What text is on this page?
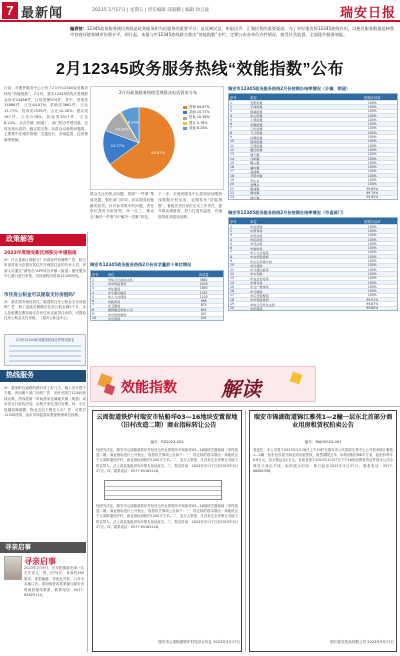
7 最新闻	2023年3月17日 | 星期五 | 责任编辑 邱嘉鹏 | 编辑 徐云波	瑞安日报
编者按：12345政务服务便民热线是政务服务和为民服务的重要平台，是反映民意、听取民声、汇聚民智的重要渠道。为了更好地发挥12345热线作用，以便民服务数据反映我市营商环境和城市治理水平，即日起，本报与市12345热线联合推出“效能指数”专栏，定期公布各单位办件情况，接受社会监督，全面提升服务效能。
2月12345政务服务热线“效能指数”公布
日前，市便民服务中心公布了2月份12345政务服务热线“效能指数”。2月份，我市12345热线共受理群众诉求24488件，日均受理874件。其中，咨询类15886件，占比64.87%；求助类3862件，占比15.77%；投诉类2536件，占比10.36%；建议类187件，占比0.76%；其他类2017件，占比8.24%。从各乡镇（街道）、部门的办件情况看，总体呈现出高效、稳定的态势。从群众反映的问题看，主要集中在城市管理、交通出行、市场监管、住房保障等领域。
2月份政务服务热线受理群众电话诉求分布
64.87%
15.77%
10.36%
8.24%
咨询 64.87%
求助 15.77%
投诉 10.36%
建议 0.76%
其他 8.24%
群众关注的热点问题，按照“一件事”集成处置，强化部门协同，切实提高问题解决质效。针对诉求集中的问题，责任单位及时分析研判，举一反三，推动从“解决一件事”向“解决一类事”转变。
下一步，市便民服务中心将持续加强热线数据分析运用，定期发布“效能指数”，督促各责任单位压实工作责任，提升群众满意度，努力打造有温度、有速度的政务服务品牌。
瑞安市12345政务服务热线2月份诉求量前十单位情况
序号	单位	诉求量
1	市综合行政执法局	3682
2	市市场监管局	2416
3	市住建局	1893
4	市交通运输局	1257
5	市人力社保局	1105
6	市教育局	986
7	市卫健局	874
8	国网瑞安供电公司	652
9	市自然资源局	547
10	市水利局	431
瑞安市12345政务服务热线2月份按期办结率情况（乡镇、街道）
序号	单位	按期办结率
1	安阳街道	100%
2	玉海街道	100%
3	锦湖街道	100%
4	东山街道	100%
5	上望街道	100%
6	莘塍街道	100%
7	汀田街道	100%
8	飞云街道	100%
9	仙降街道	100%
10	南滨街道	100%
11	云周街道	100%
12	潘岱街道	100%
13	塘下镇	100%
14	马屿镇	100%
15	陶山镇	100%
16	湖岭镇	100%
17	高楼镇	100%
18	平阳坑镇	100%
19	芳庄乡	100%
20	北麂乡	100%
21	桐浦镇	99.85%
22	曹村镇	99.74%
23	林川镇	99.62%
瑞安市12345政务服务热线2月份按期办结率情况（市直部门）
序号	单位	按期办结率
1	市发改局	100%
2	市教育局	100%
3	市科技局	100%
4	市民政局	100%
5	市司法局	100%
6	市财政局	100%
7	市人力社保局	100%
8	市自然资源局	100%
9	市生态环境分局	100%
10	市住建局	100%
11	市交通运输局	100%
12	市水利局	100%
13	市农业农村局	100%
14	市商务局	100%
15	市文广旅体局	100%
16	市卫健局	100%
17	市应急管理局	100%
18	市市场监管局	99.91%
19	市综合行政执法局	99.87%
20	市医保局	99.80%
政策解答
2023年度瑞安新区网积分申请指南
问：什么是新区网积分？申请条件有哪些？答：积分申请对象为在我市居住并办理居住证的外来人员，申请人可通过“浙里办”APP或各乡镇（街道）便民服务中心窗口进行申报，具体流程可咨询12345热线。
市住房公积金可以提取支付房租吗？
问：我在瑞安租房居住，能提取住房公积金支付房租吗？答：职工连续足额缴存住房公积金满3个月，本人及配偶在缴存地无自有住房且租赁住房的，可提取住房公积金支付房租。（瑞安公积金中心）
2月份12345政务服务热线办件情况排名
热线服务
问：我家附近道路的路灯坏了好几天，晚上出行很不方便，该向哪个部门反映？答：市民可拨打12345热线反映，热线将第一时间派单至属地乡镇（街道）或市综合行政执法局，由相关单位及时处理。问：小区电梯故障频繁，物业迟迟不修怎么办？答：可拨打12345热线，由市市场监管局督促维保单位检修。
寻亲启事
寻亲启事
2023年2月9日，在安阳街道发现一名走失老人，男，约75岁，身高约165厘米，体型偏瘦，穿灰色外套，口音为本地口音。请知情者或其家属与瑞安市救助管理站联系。联系电话：0577-65829110。
效能指数 解读
云周街道铁炉村瑞安市钻船垟03—16地块安置留地（旧村改造二期）商业指标转让公告
编号：RZ2023-003
经研究决定，瑞安市云周街道铁炉村经济合作社将瑞安市钻船垟03—16地块安置留地（旧村改造二期）商业指标进行公开转让，现将有关事项公告如下：一、转让标的基本情况：该地块位于云周街道铁炉村，商业指标面积约1200平方米。二、竞买人资格：凡具有完全民事行为能力的自然人、法人或其他组织均可报名参加竞买。三、报名时间：2023年3月17日至2023年3月27日。四、联系电话：0577-65162218。
经研究决定，瑞安市云周街道铁炉村经济合作社将瑞安市钻船垟03—16地块安置留地（旧村改造二期）商业指标进行公开转让，现将有关事项公告如下：一、转让标的基本情况：该地块位于云周街道铁炉村，商业指标面积约1200平方米。二、竞买人资格：凡具有完全民事行为能力的自然人、法人或其他组织均可报名参加竞买。三、报名时间：2023年3月17日至2023年3月27日。四、联系电话：0577-65162218。
瑞安市云周街道铁炉村经济合作社 2023年3月17日
瑞安市锦湖街道锦江雅苑1—2幢一层东北首部分商业用房租赁权拍卖公告
编号：RAJH2023-001
受委托，本公司将于2023年3月28日上午10时在瑞安市公共资源交易中心公开拍卖锦江雅苑1—2幢一层东北首部分商业用房租赁权，租赁期限五年。标的面积约86平方米，起拍价每年6.8万元，竞买保证金2万元。有意者请于2023年3月27日下午16时前携有效证件到本公司办理竞买登记手续。标的展示时间：即日起至2023年3月27日。联系电话：0577-66882396。
浙江瑞安拍卖有限公司 2023年3月17日
